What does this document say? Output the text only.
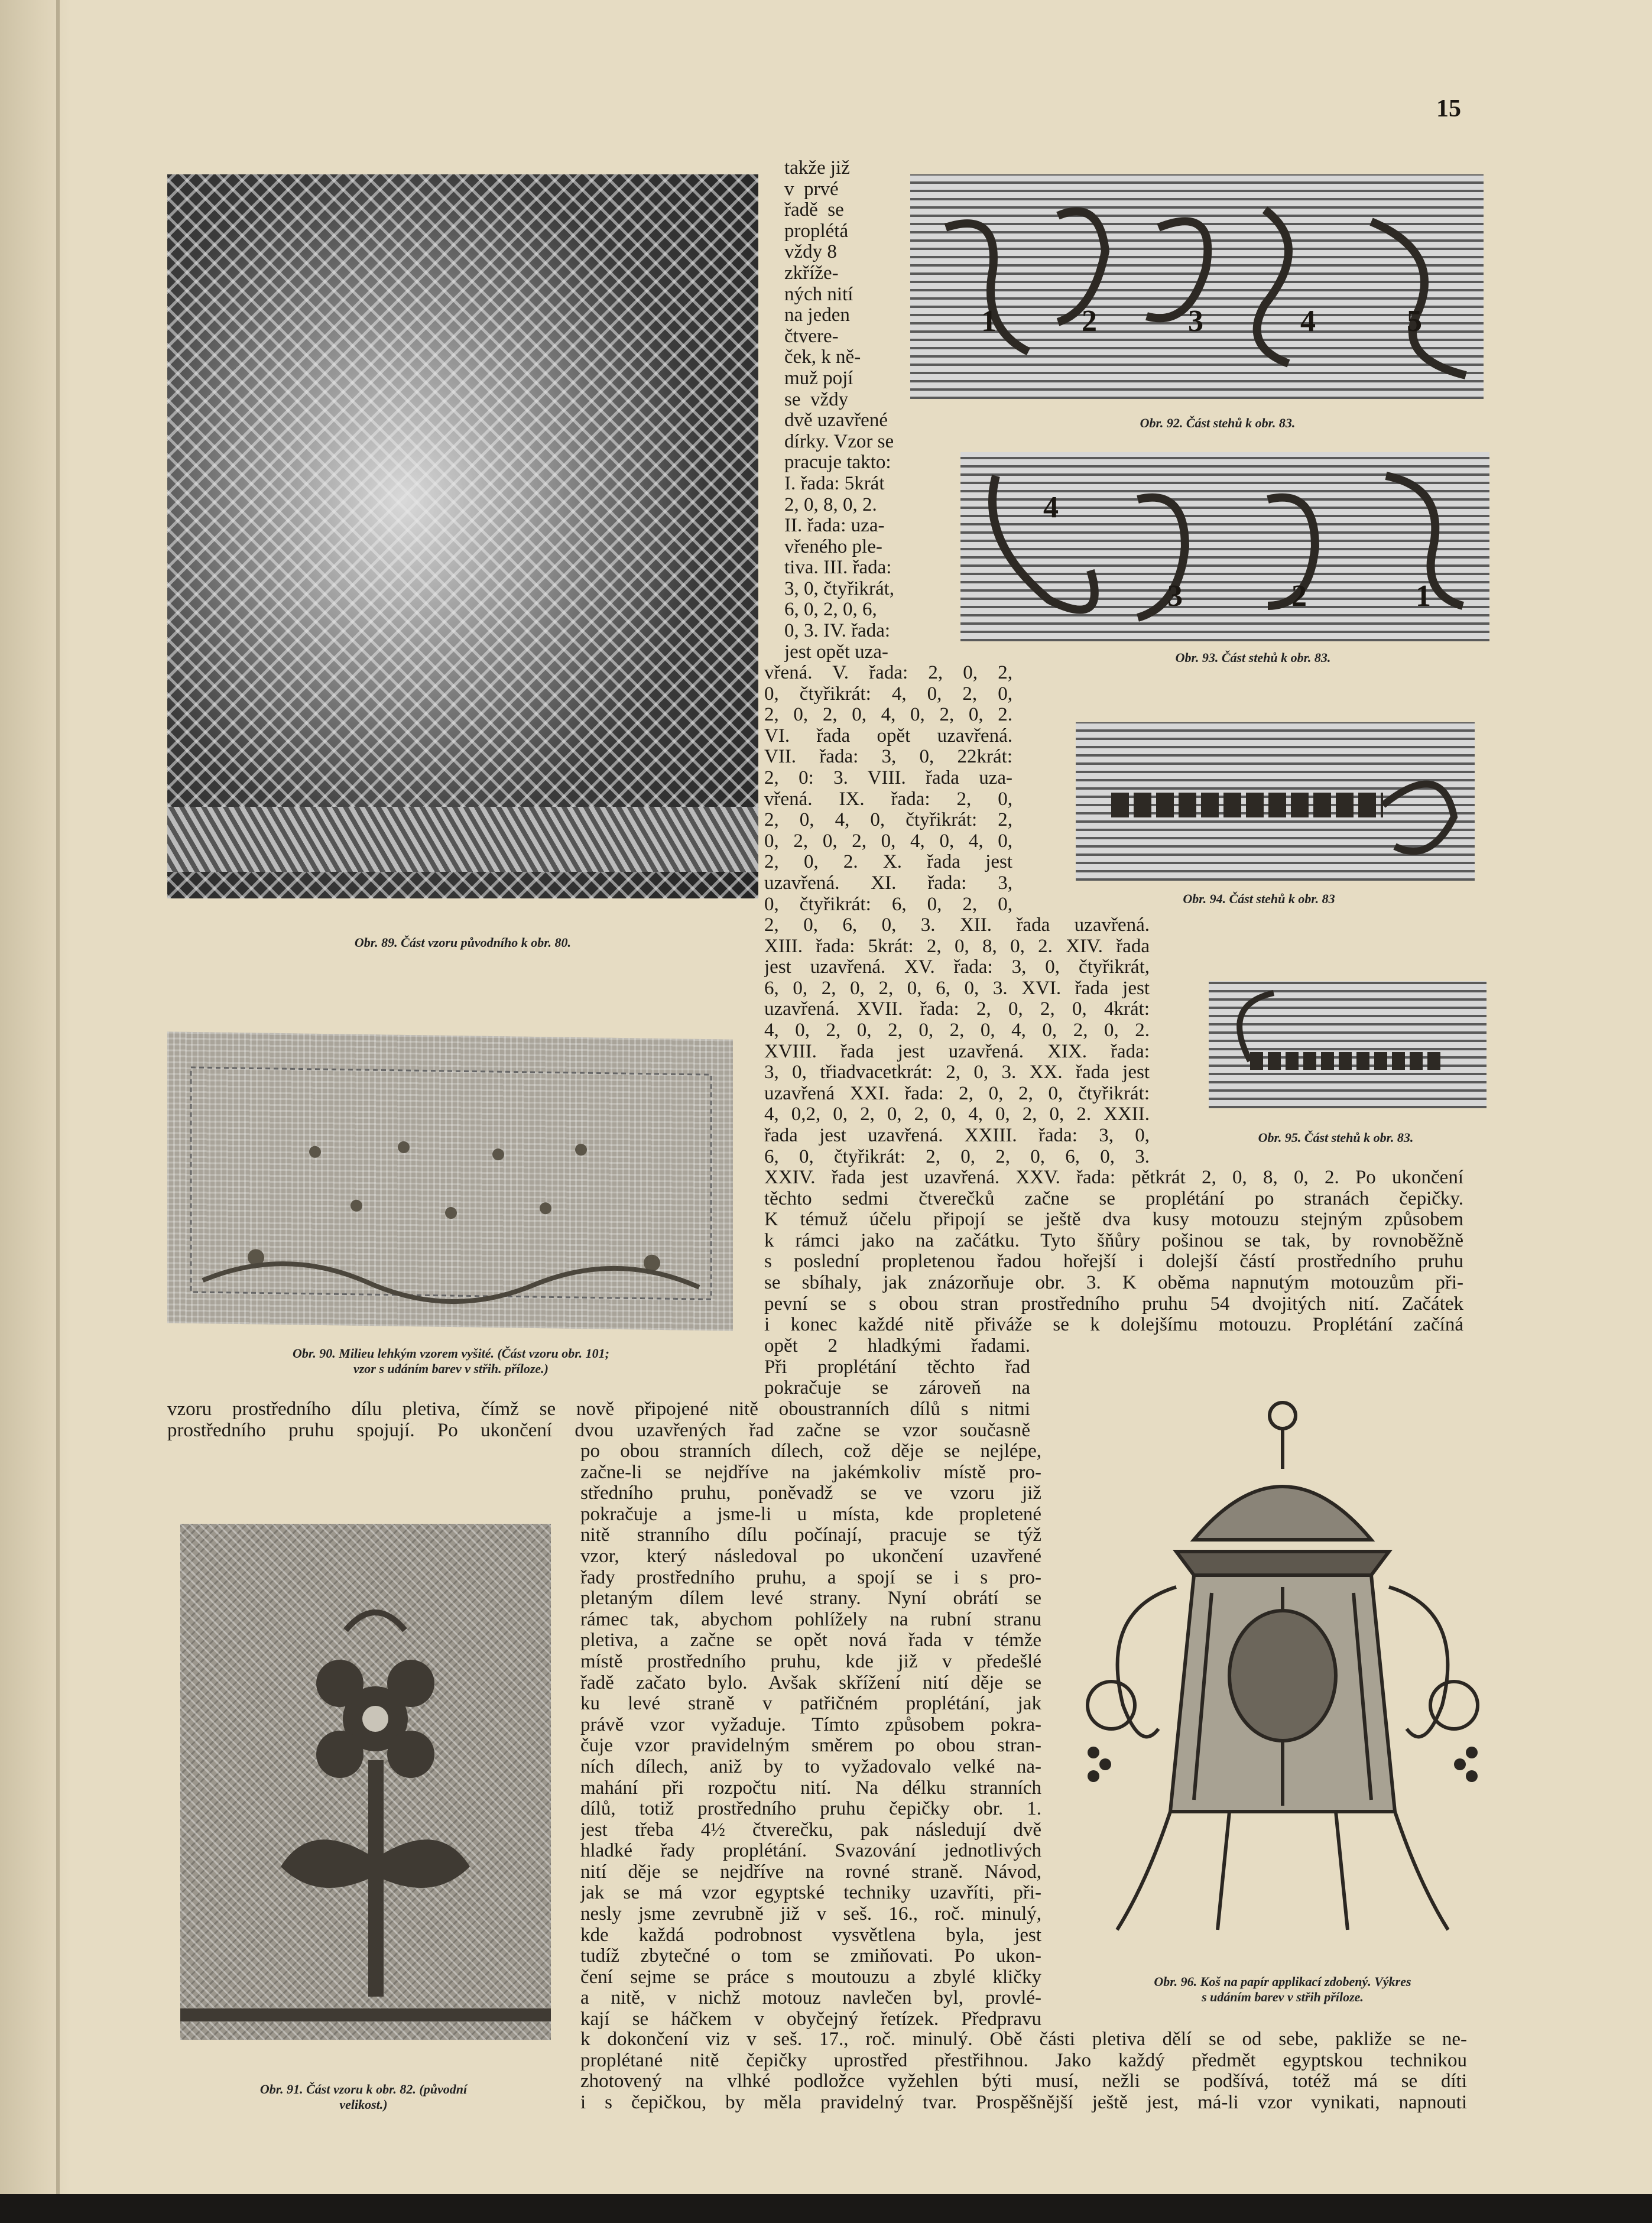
15
Obr. 89. Část vzoru původního k obr. 80.
Obr. 90. Milieu lehkým vzorem vyšité. (Část vzoru obr. 101;
vzor s udáním barev v střih. příloze.)
Obr. 91. Část vzoru k obr. 82. (původní
velikost.)
1	2	3	4	5
Obr. 92. Část stehů k obr. 83.
4
3	2	1
Obr. 93. Část stehů k obr. 83.
Obr. 94. Část stehů k obr. 83
Obr. 95. Část stehů k obr. 83.
Obr. 96. Koš na papír applikací zdobený. Výkres
s udáním barev v střih příloze.
takže již
v  prvé
řadě  se
proplétá
vždy 8
zkříže-
ných nití
na jeden
čtvere-
ček, k ně-
muž pojí
se  vždy
dvě uzavřené
dírky. Vzor se
pracuje takto:
I. řada: 5krát
2, 0, 8, 0, 2.
II. řada: uza-
vřeného ple-
tiva. III. řada:
3, 0, čtyřikrát,
6, 0, 2, 0, 6,
0, 3. IV. řada:
jest opět uza-
vřená. V. řada: 2, 0, 2,
0, čtyřikrát: 4, 0, 2, 0,
2, 0, 2, 0, 4, 0, 2, 0, 2.
VI. řada opět uzavřená.
VII. řada: 3, 0, 22krát:
2, 0: 3. VIII. řada uza-
vřená. IX. řada: 2, 0,
2, 0, 4, 0, čtyřikrát: 2,
0, 2, 0, 2, 0, 4, 0, 4, 0,
2, 0, 2. X. řada jest
uzavřená. XI. řada: 3,
0, čtyřikrát: 6, 0, 2, 0,
2, 0, 6, 0, 3. XII. řada uzavřená.
XIII. řada: 5krát: 2, 0, 8, 0, 2. XIV. řada
jest uzavřená. XV. řada: 3, 0, čtyřikrát,
6, 0, 2, 0, 2, 0, 6, 0, 3. XVI. řada jest
uzavřená. XVII. řada: 2, 0, 2, 0, 4krát:
4, 0, 2, 0, 2, 0, 2, 0, 4, 0, 2, 0, 2.
XVIII. řada jest uzavřená. XIX. řada:
3, 0, třiadvacetkrát: 2, 0, 3. XX. řada jest
uzavřená XXI. řada: 2, 0, 2, 0, čtyřikrát:
4, 0,2, 0, 2, 0, 2, 0, 4, 0, 2, 0, 2. XXII.
řada jest uzavřená. XXIII. řada: 3, 0,
6, 0, čtyřikrát: 2, 0, 2, 0, 6, 0, 3.
XXIV. řada jest uzavřená. XXV. řada: pětkrát 2, 0, 8, 0, 2. Po ukončení
těchto sedmi čtverečků začne se proplétání po stranách čepičky.
K témuž účelu připojí se ještě dva kusy motouzu stejným způsobem
k rámci jako na začátku. Tyto šňůry pošinou se tak, by rovnoběžně
s poslední propletenou řadou hořejší i dolejší částí prostředního pruhu
se sbíhaly, jak znázorňuje obr. 3. K oběma napnutým motouzům při-
pevní se s obou stran prostředního pruhu 54 dvojitých nití. Začátek
i konec každé nitě přiváže se k dolejšímu motouzu. Proplétání začíná
opět 2 hladkými řadami.
Při proplétání těchto řad
pokračuje se zároveň na
vzoru prostředního dílu pletiva, čímž se nově připojené nitě oboustranních dílů s nitmi
prostředního pruhu spojují. Po ukončení dvou uzavřených řad začne se vzor současně
po obou stranních dílech, což děje se nejlépe,
začne-li se nejdříve na jakémkoliv místě pro-
středního pruhu, poněvadž se ve vzoru již
pokračuje a jsme-li u místa, kde propletené
nitě stranního dílu počínají, pracuje se týž
vzor, který následoval po ukončení uzavřené
řady prostředního pruhu, a spojí se i s pro-
pletaným dílem levé strany. Nyní obrátí se
rámec tak, abychom pohlížely na rubní stranu
pletiva, a začne se opět nová řada v témže
místě prostředního pruhu, kde již v předešlé
řadě začato bylo. Avšak skřížení nití děje se
ku levé straně v patřičném proplétání, jak
právě vzor vyžaduje. Tímto způsobem pokra-
čuje vzor pravidelným směrem po obou stran-
ních dílech, aniž by to vyžadovalo velké na-
mahání při rozpočtu nití. Na délku stranních
dílů, totiž prostředního pruhu čepičky obr. 1.
jest třeba 4½ čtverečku, pak následují dvě
hladké řady proplétání. Svazování jednotlivých
nití děje se nejdříve na rovné straně. Návod,
jak se má vzor egyptské techniky uzavříti, při-
nesly jsme zevrubně již v seš. 16., roč. minulý,
kde každá podrobnost vysvětlena byla, jest
tudíž zbytečné o tom se zmiňovati. Po ukon-
čení sejme se práce s moutouzu a zbylé kličky
a nitě, v nichž motouz navlečen byl, provlé-
kají se háčkem v obyčejný řetízek. Předpravu
k dokončení viz v seš. 17., roč. minulý. Obě části pletiva dělí se od sebe, pakliže se ne-
proplétané nitě čepičky uprostřed přestřihnou. Jako každý předmět egyptskou technikou
zhotovený na vlhké podložce vyžehlen býti musí, nežli se podšívá, totéž má se díti
i s čepičkou, by měla pravidelný tvar. Prospěšnější ještě jest, má-li vzor vynikati, napnouti
